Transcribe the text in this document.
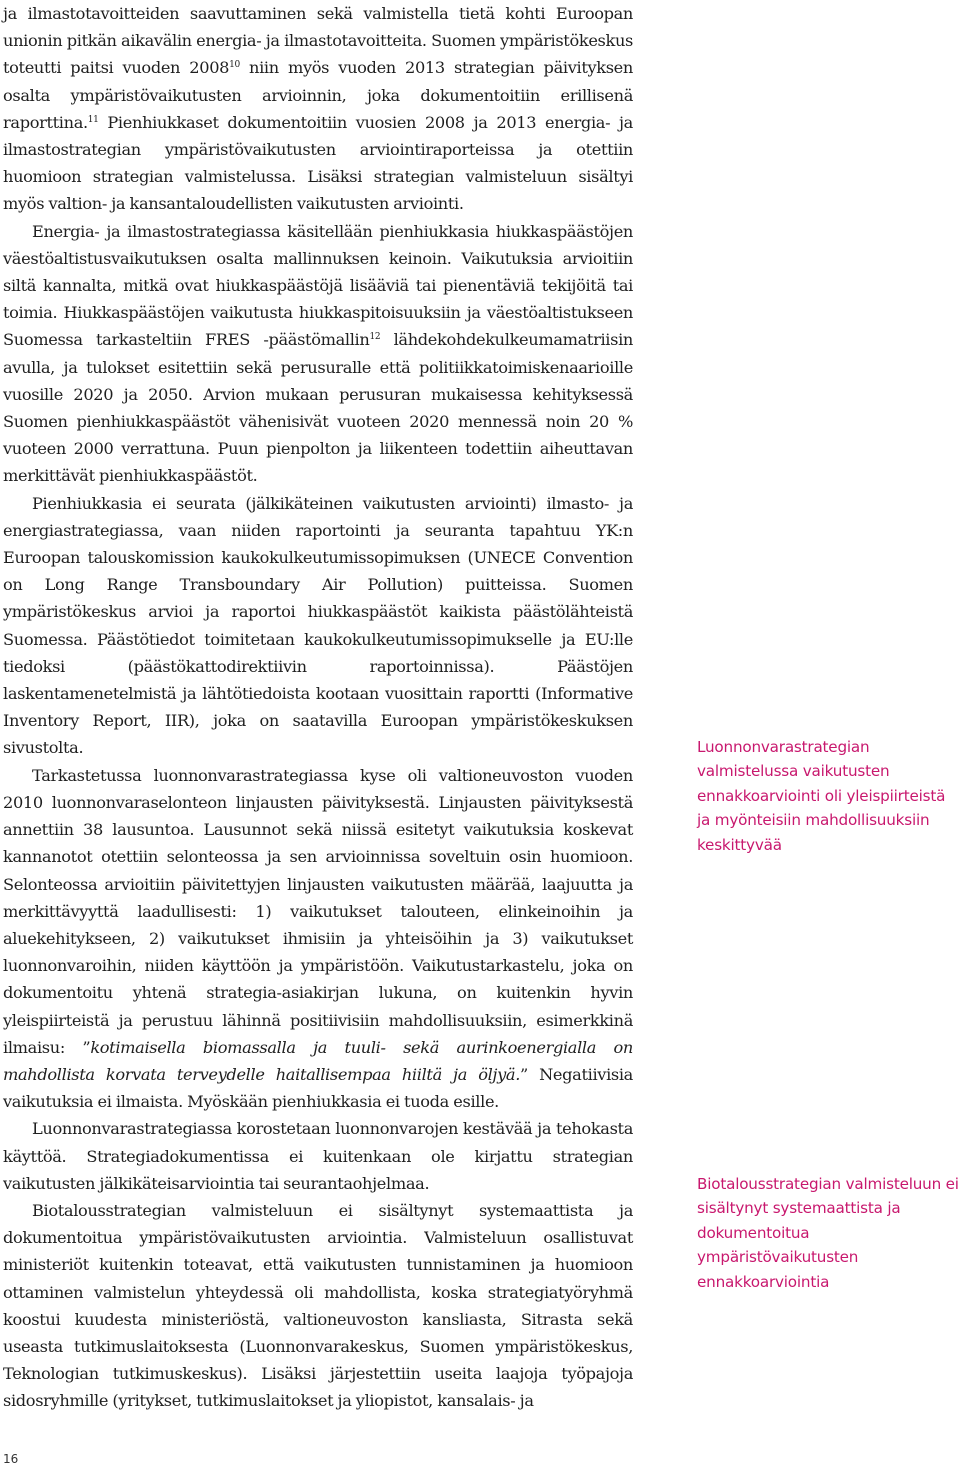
ja ilmastotavoitteiden saavuttaminen sekä valmistella tietä kohti Euroopan unionin pitkän aikavälin energia- ja ilmastotavoitteita. Suomen ympäristökeskus toteutti paitsi vuoden 2008$^{10}$ niin myös vuoden 2013 strategian päivityksen osalta ympäristövaikutusten arvioinnin, joka dokumentoitiin erillisenä raporttina.$^{11}$ Pienhiukkaset dokumentoitiin vuosien 2008 ja 2013 energia- ja ilmastostrategian ympäristövaikutusten arviointiraporteissa ja otettiin huomioon strategian valmistelussa. Lisäksi strategian valmisteluun sisältyi myös valtion- ja kansantaloudellisten vaikutusten arviointi.

Energia- ja ilmastostrategiassa käsitellään pienhiukkasia hiukkaspäästöjen väestöaltistusvaikutuksen osalta mallinnuksen keinoin. Vaikutuksia arvioitiin siltä kannalta, mitkä ovat hiukkaspäästöjä lisääviä tai pienentäviä tekijöitä tai toimia. Hiukkaspäästöjen vaikutusta hiukkaspitoisuuksiin ja väestöaltistukseen Suomessa tarkasteltiin FRES -päästömallin$^{12}$ lähdekohdekulkeumamatriisin avulla, ja tulokset esitettiin sekä perusuralle että politiikkatoimiskenaarioille vuosille 2020 ja 2050. Arvion mukaan perusuran mukaisessa kehityksessä Suomen pienhiukkaspäästöt vähenisivät vuoteen 2020 mennessä noin 20 % vuoteen 2000 verrattuna. Puun pienpolton ja liikenteen todettiin aiheuttavan merkittävät pienhiukkaspäästöt.

Pienhiukkasia ei seurata (jälkikäteinen vaikutusten arviointi) ilmasto- ja energiastrategiassa, vaan niiden raportointi ja seuranta tapahtuu YK:n Euroopan talouskomission kaukokulkeutumissopimuksen (UNECE Convention on Long Range Transboundary Air Pollution) puitteissa. Suomen ympäristökeskus arvioi ja raportoi hiukkaspäästöt kaikista päästölähteistä Suomessa. Päästötiedot toimitetaan kaukokulkeutumissopimukselle ja EU:lle tiedoksi (päästökattodirektiivin raportoinnissa). Päästöjen laskentamenetelmistä ja lähtötiedoista kootaan vuosittain raportti (Informative Inventory Report, IIR), joka on saatavilla Euroopan ympäristökeskuksen sivustolta.

Tarkastetussa luonnonvarastrategiassa kyse oli valtioneuvoston vuoden 2010 luonnonvaraselonteon linjausten päivityksestä. Linjausten päivityksestä annettiin 38 lausuntoa. Lausunnot sekä niissä esitetyt vaikutuksia koskevat kannanotot otettiin selonteossa ja sen arvioinnissa soveltuin osin huomioon. Selonteossa arvioitiin päivitettyjen linjausten vaikutusten määrää, laajuutta ja merkittävyyttä laadullisesti: 1) vaikutukset talouteen, elinkeinoihin ja aluekehitykseen, 2) vaikutukset ihmisiin ja yhteisöihin ja 3) vaikutukset luonnonvaroihin, niiden käyttöön ja ympäristöön. Vaikutustarkastelu, joka on dokumentoitu yhtenä strategia-asiakirjan lukuna, on kuitenkin hyvin yleispiirteistä ja perustuu lähinnä positiivisiin mahdollisuuksiin, esimerkkinä ilmaisu: ”kotimaisella biomassalla ja tuuli- sekä aurinkoenergialla on mahdollista korvata terveydelle haitallisempaa hiiltä ja öljyä.” Negatiivisia vaikutuksia ei ilmaista. Myöskään pienhiukkasia ei tuoda esille.

Luonnonvarastrategiassa korostetaan luonnonvarojen kestävää ja tehokasta käyttöä. Strategiadokumentissa ei kuitenkaan ole kirjattu strategian vaikutusten jälkikäteisarviointia tai seurantaohjelmaa.

Biotalousstrategian valmisteluun ei sisältynyt systemaattista ja dokumentoitua ympäristövaikutusten arviointia. Valmisteluun osallistuvat ministeriöt kuitenkin toteavat, että vaikutusten tunnistaminen ja huomioon ottaminen valmistelun yhteydessä oli mahdollista, koska strategiatyöryhmä koostui kuudesta ministeriöstä, valtioneuvoston kansliasta, Sitrasta sekä useasta tutkimuslaitoksesta (Luonnonvarakeskus, Suomen ympäristökeskus, Teknologian tutkimuskeskus). Lisäksi järjestettiin useita laajoja työpajoja sidosryhmille (yritykset, tutkimuslaitokset ja yliopistot, kansalais- ja

Luonnonvarastrategian valmistelussa vaikutusten ennakkoarviointi oli yleispiirteistä ja myönteisiin mahdollisuuksiin keskittyvää
Biotalousstrategian valmisteluun ei sisältynyt systemaattista ja dokumentoitua ympäristövaikutusten ennakkoarviointia
16
